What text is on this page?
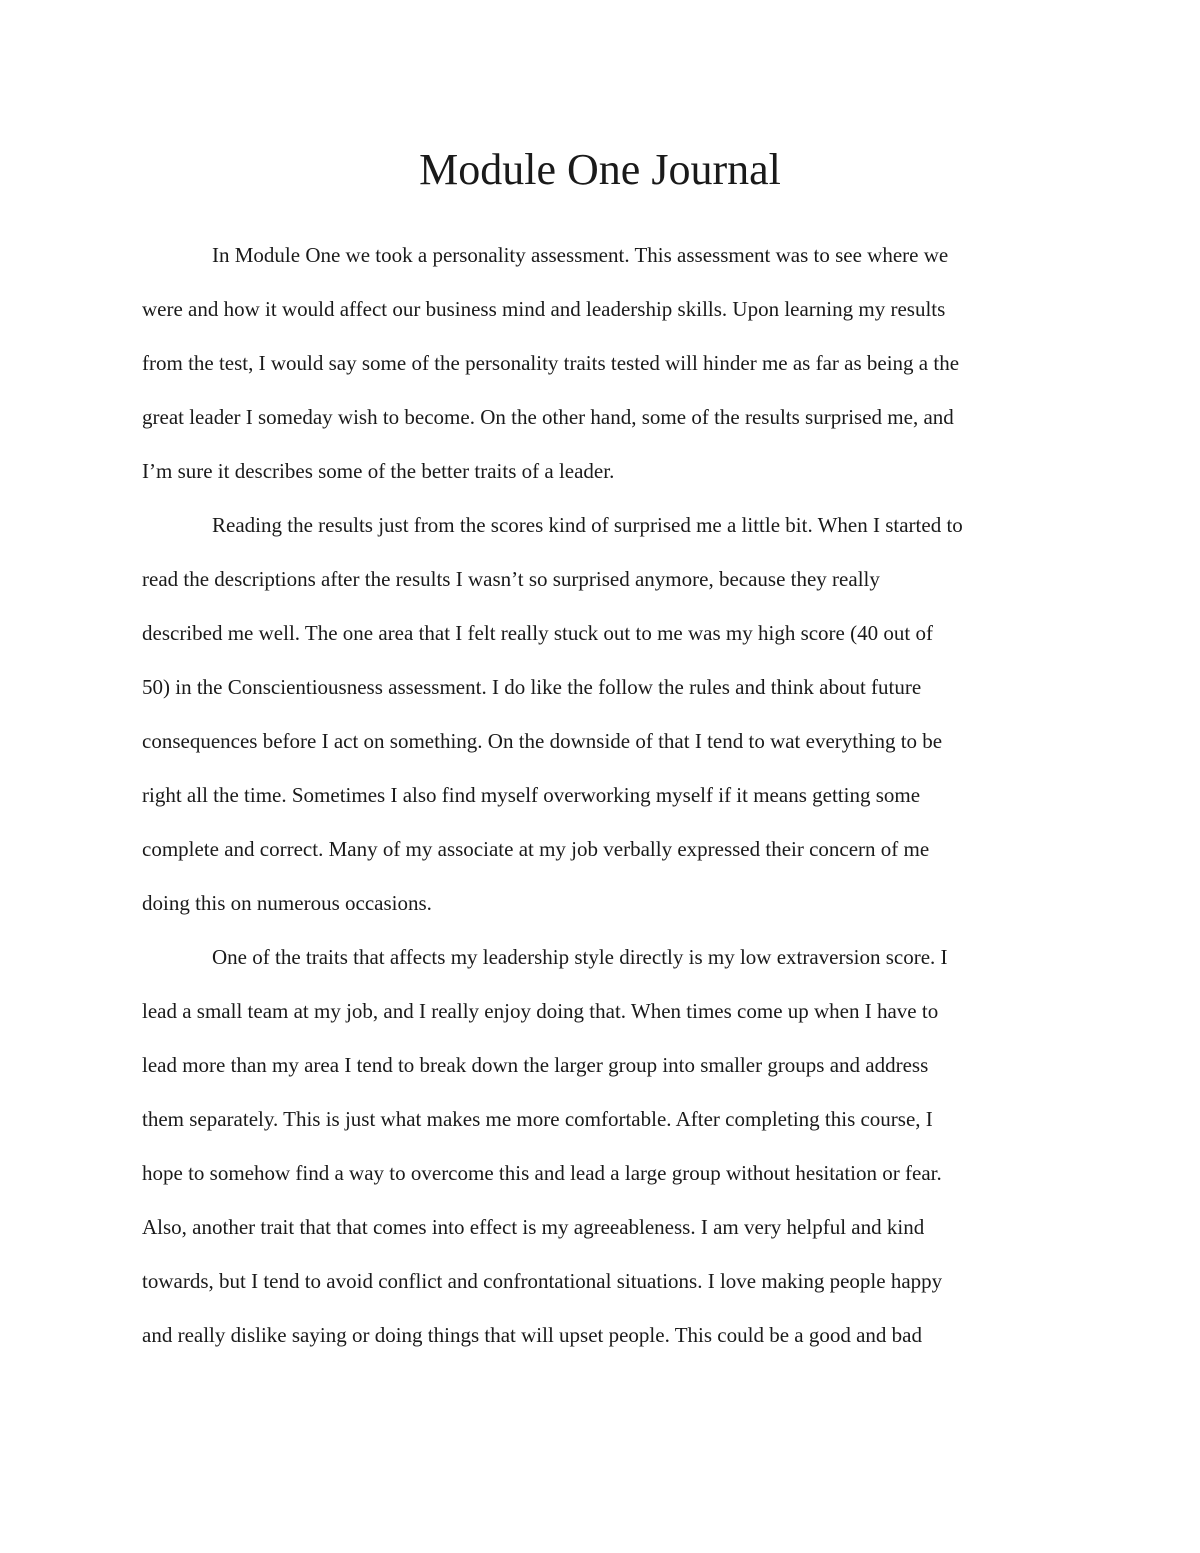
Module One Journal
In Module One we took a personality assessment. This assessment was to see where we
were and how it would affect our business mind and leadership skills. Upon learning my results
from the test, I would say some of the personality traits tested will hinder me as far as being a the
great leader I someday wish to become. On the other hand, some of the results surprised me, and
I’m sure it describes some of the better traits of a leader.
Reading the results just from the scores kind of surprised me a little bit. When I started to
read the descriptions after the results I wasn’t so surprised anymore, because they really
described me well. The one area that I felt really stuck out to me was my high score (40 out of
50) in the Conscientiousness assessment. I do like the follow the rules and think about future
consequences before I act on something. On the downside of that I tend to wat everything to be
right all the time. Sometimes I also find myself overworking myself if it means getting some
complete and correct. Many of my associate at my job verbally expressed their concern of me
doing this on numerous occasions.
One of the traits that affects my leadership style directly is my low extraversion score. I
lead a small team at my job, and I really enjoy doing that. When times come up when I have to
lead more than my area I tend to break down the larger group into smaller groups and address
them separately. This is just what makes me more comfortable. After completing this course, I
hope to somehow find a way to overcome this and lead a large group without hesitation or fear.
Also, another trait that that comes into effect is my agreeableness. I am very helpful and kind
towards, but I tend to avoid conflict and confrontational situations. I love making people happy
and really dislike saying or doing things that will upset people. This could be a good and bad
